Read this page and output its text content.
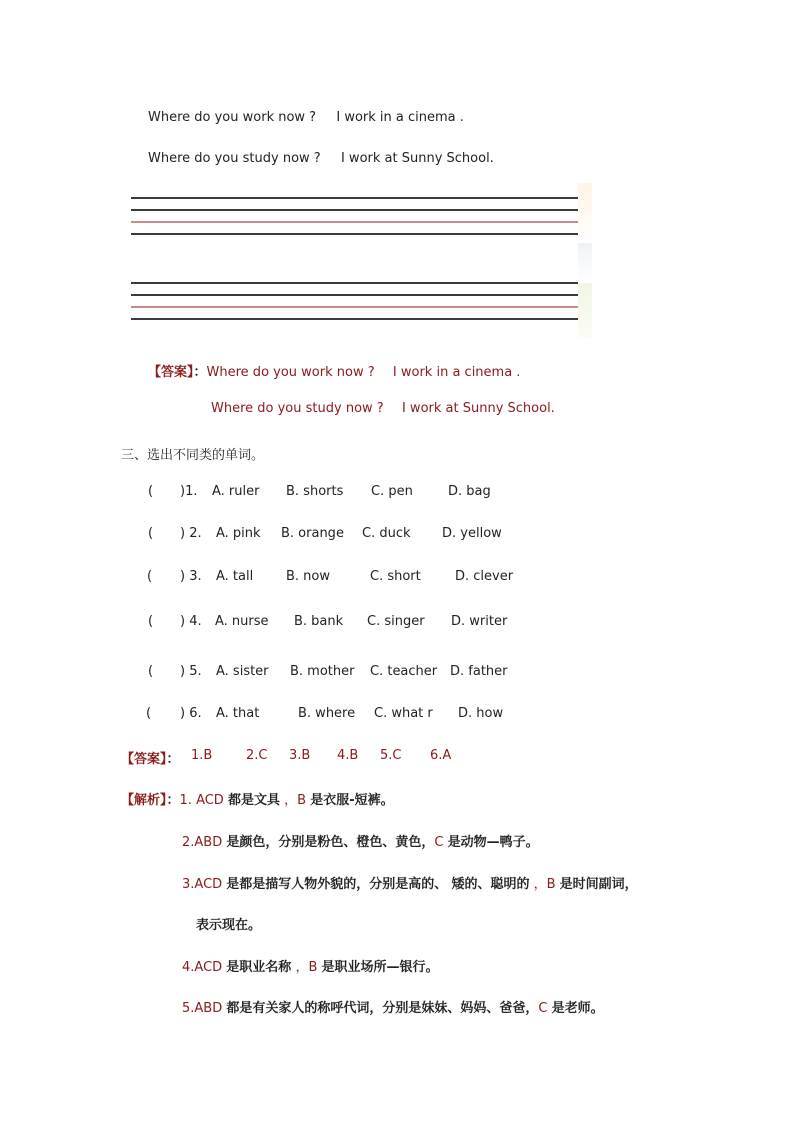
Where do you work now ? I work in a cinema .
Where do you study now ? I work at Sunny School.
【答案】：Where do you work now ? I work in a cinema .
Where do you study now ? I work at Sunny School.
三、选出不同类的单词。
( )1. A. ruler B. shorts C. pen	D. bag
( ) 2. A. pink B. orange C. duck D. yellow
( ) 3. A. tall	B. now	C. short	D. clever
( ) 4. A. nurse B. bank C. singer D. writer
( ) 5. A. sister B. mother C. teacher D. father
( ) 6. A. that	B. where C. what r D. how
【答案】： 1.B	2.C 3.B 4.B 5.C 6.A
【解析】：1. ACD 都是文具 ，B 是衣服-短裤。
2.ABD 是颜色，分别是粉色、橙色、黄色，C 是动物—鸭子。
3.ACD 是都是描写人物外貌的，分别是高的、 矮的、聪明的 ，B 是时间副词，
表示现在。
4.ACD 是职业名称 ，B 是职业场所—银行。
5.ABD 都是有关家人的称呼代词，分别是妹妹、妈妈、爸爸，C 是老师。
